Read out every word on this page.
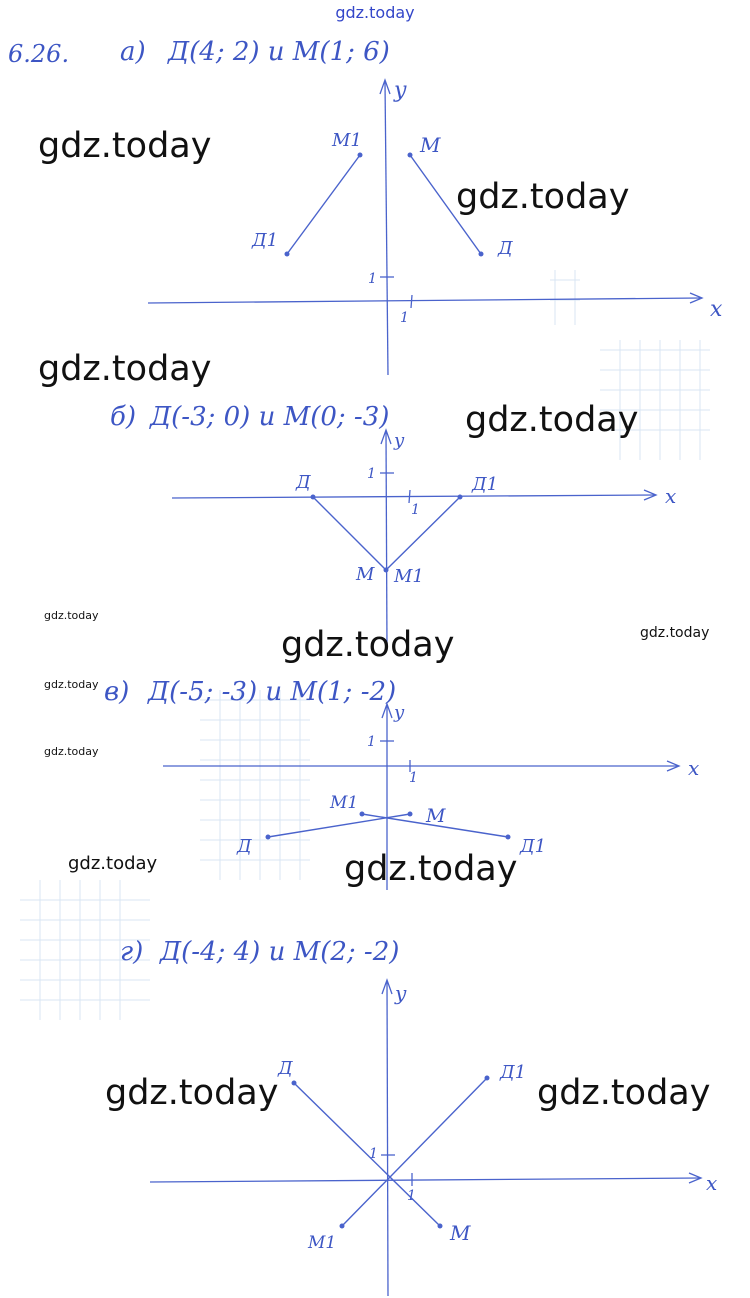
gdz.today
6.26. а) Д(4; 2) и М(1; 6)
x
y
1
1
Д1
М1	М
Д
б) Д(-3; 0) и М(0; -3)
x
y
1
1
Д	Д1
М М1
в) Д(-5; -3) и М(1; -2)
x
y
1
1
Д
М1
М
Д1
г) Д(-4; 4) и М(2; -2)
x
y
1
1
Д	Д1
М1	М
gdz.today
gdz.today
gdz.today
gdz.today
gdz.today
gdz.today	gdz.today
gdz.today
gdz.today
gdz.today	gdz.today
gdz.today	gdz.today
